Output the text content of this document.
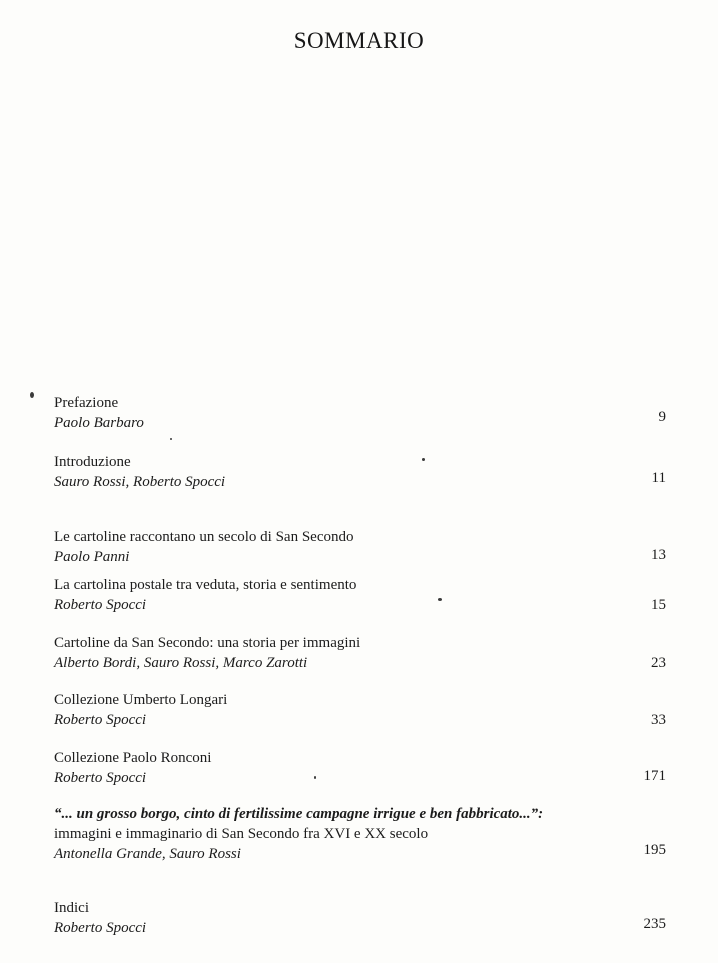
SOMMARIO
Prefazione
Paolo Barbaro	9
Introduzione
Sauro Rossi, Roberto Spocci	11
Le cartoline raccontano un secolo di San Secondo
Paolo Panni	13
La cartolina postale tra veduta, storia e sentimento
Roberto Spocci	15
Cartoline da San Secondo: una storia per immagini
Alberto Bordi, Sauro Rossi, Marco Zarotti	23
Collezione Umberto Longari
Roberto Spocci	33
Collezione Paolo Ronconi
Roberto Spocci	171
“... un grosso borgo, cinto di fertilissime campagne irrigue e ben fabbricato...”:
immagini e immaginario di San Secondo fra XVI e XX secolo
Antonella Grande, Sauro Rossi	195
Indici
Roberto Spocci	235
